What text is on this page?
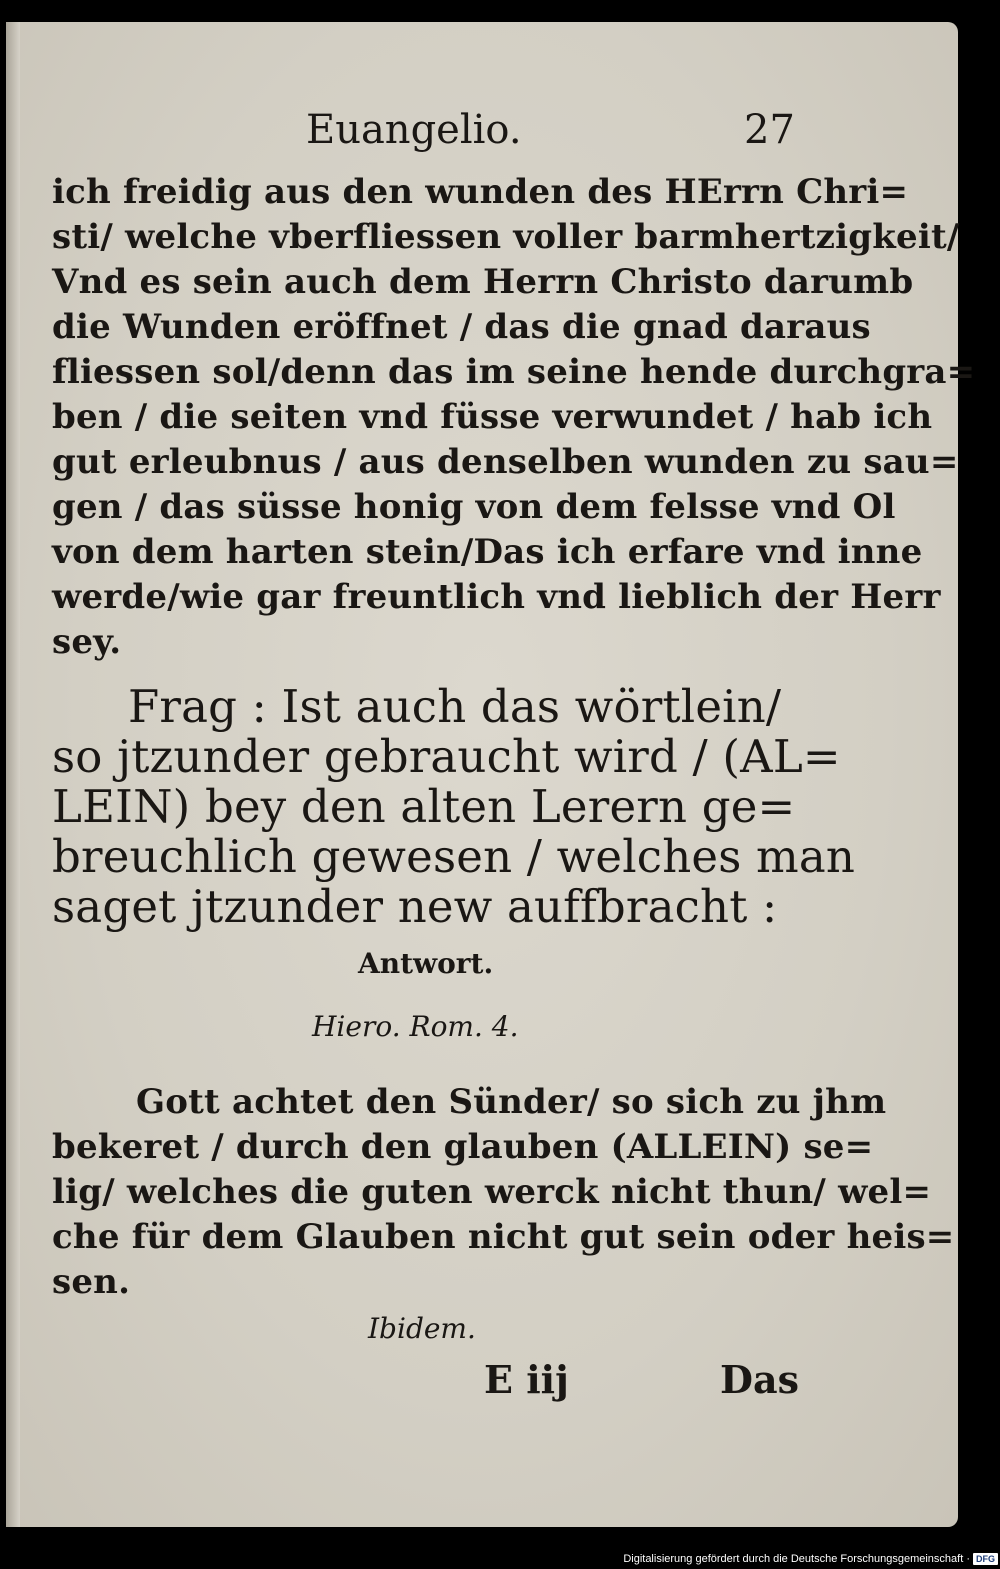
Euangelio.	27
ich freidig aus den wunden des HErrn Chri=
sti/ welche vberfliessen voller barmhertzigkeit/
Vnd es sein auch dem Herrn Christo darumb
die Wunden eröffnet / das die gnad daraus
fliessen sol/denn das im seine hende durchgra=
ben / die seiten vnd füsse verwundet / hab ich
gut erleubnus / aus denselben wunden zu sau=
gen / das süsse honig von dem felsse vnd Ol
von dem harten stein/Das ich erfare vnd inne
werde/wie gar freuntlich vnd lieblich der Herr
sey.
Frag : Ist auch das wörtlein/
so jtzunder gebraucht wird / (AL=
LEIN) bey den alten Lerern ge=
breuchlich gewesen / welches man
saget jtzunder new auffbracht :
Antwort.
Hiero. Rom. 4.
Gott achtet den Sünder/ so sich zu jhm
bekeret / durch den glauben (ALLEIN) se=
lig/ welches die guten werck nicht thun/ wel=
che für dem Glauben nicht gut sein oder heis=
sen.
Ibidem.
E iij	Das
Digitalisierung gefördert durch die Deutsche Forschungsgemeinschaft · DFG
